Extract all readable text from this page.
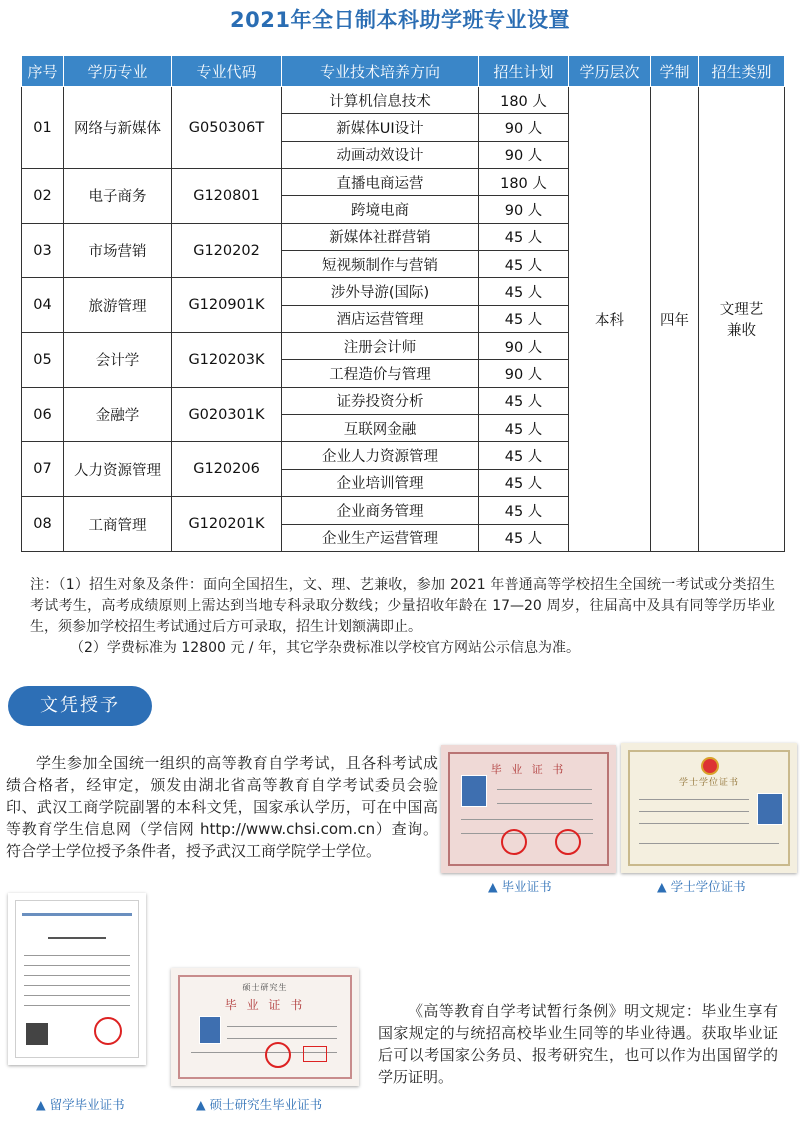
2021年全日制本科助学班专业设置
序号	学历专业	专业代码	专业技术培养方向	招生计划	学历层次	学制	招生类别
01	网络与新媒体	G050306T	计算机信息技术	180 人	本科	四年	文理艺
兼收

			新媒体UI设计	90 人			
			动画动效设计	90 人			
02	电子商务	G120801	直播电商运营	180 人			
			跨境电商	90 人			
03	市场营销	G120202	新媒体社群营销	45 人			
			短视频制作与营销	45 人			
04	旅游管理	G120901K	涉外导游(国际)	45 人			
			酒店运营管理	45 人			
05	会计学	G120203K	注册会计师	90 人			
			工程造价与管理	90 人			
06	金融学	G020301K	证券投资分析	45 人			
			互联网金融	45 人			
07	人力资源管理	G120206	企业人力资源管理	45 人			
			企业培训管理	45 人			
08	工商管理	G120201K	企业商务管理	45 人			
			企业生产运营管理	45 人			

注：（1）招生对象及条件：面向全国招生，文、理、艺兼收，参加 2021 年普通高等学校招生全国统一考试或分类招生考试考生，高考成绩原则上需达到当地专科录取分数线；少量招收年龄在 17—20 周岁，往届高中及具有同等学历毕业生，须参加学校招生考试通过后方可录取，招生计划额满即止。

（2）学费标准为 12800 元 / 年，其它学杂费标准以学校官方网站公示信息为准。

文凭授予

学生参加全国统一组织的高等教育自学考试，且各科考试成绩合格者，经审定，颁发由湖北省高等教育自学考试委员会验印、武汉工商学院副署的本科文凭，国家承认学历，可在中国高等教育学生信息网（学信网 http://www.chsi.com.cn）查询。符合学士学位授予条件者，授予武汉工商学院学士学位。

毕 业 证 书
▲ 毕业证书
学士学位证书
▲ 学士学位证书
▲ 留学毕业证书
硕士研究生
毕 业 证 书
▲ 硕士研究生毕业证书

《高等教育自学考试暂行条例》明文规定：毕业生享有国家规定的与统招高校毕业生同等的毕业待遇。获取毕业证后可以考国家公务员、报考研究生，也可以作为出国留学的学历证明。
